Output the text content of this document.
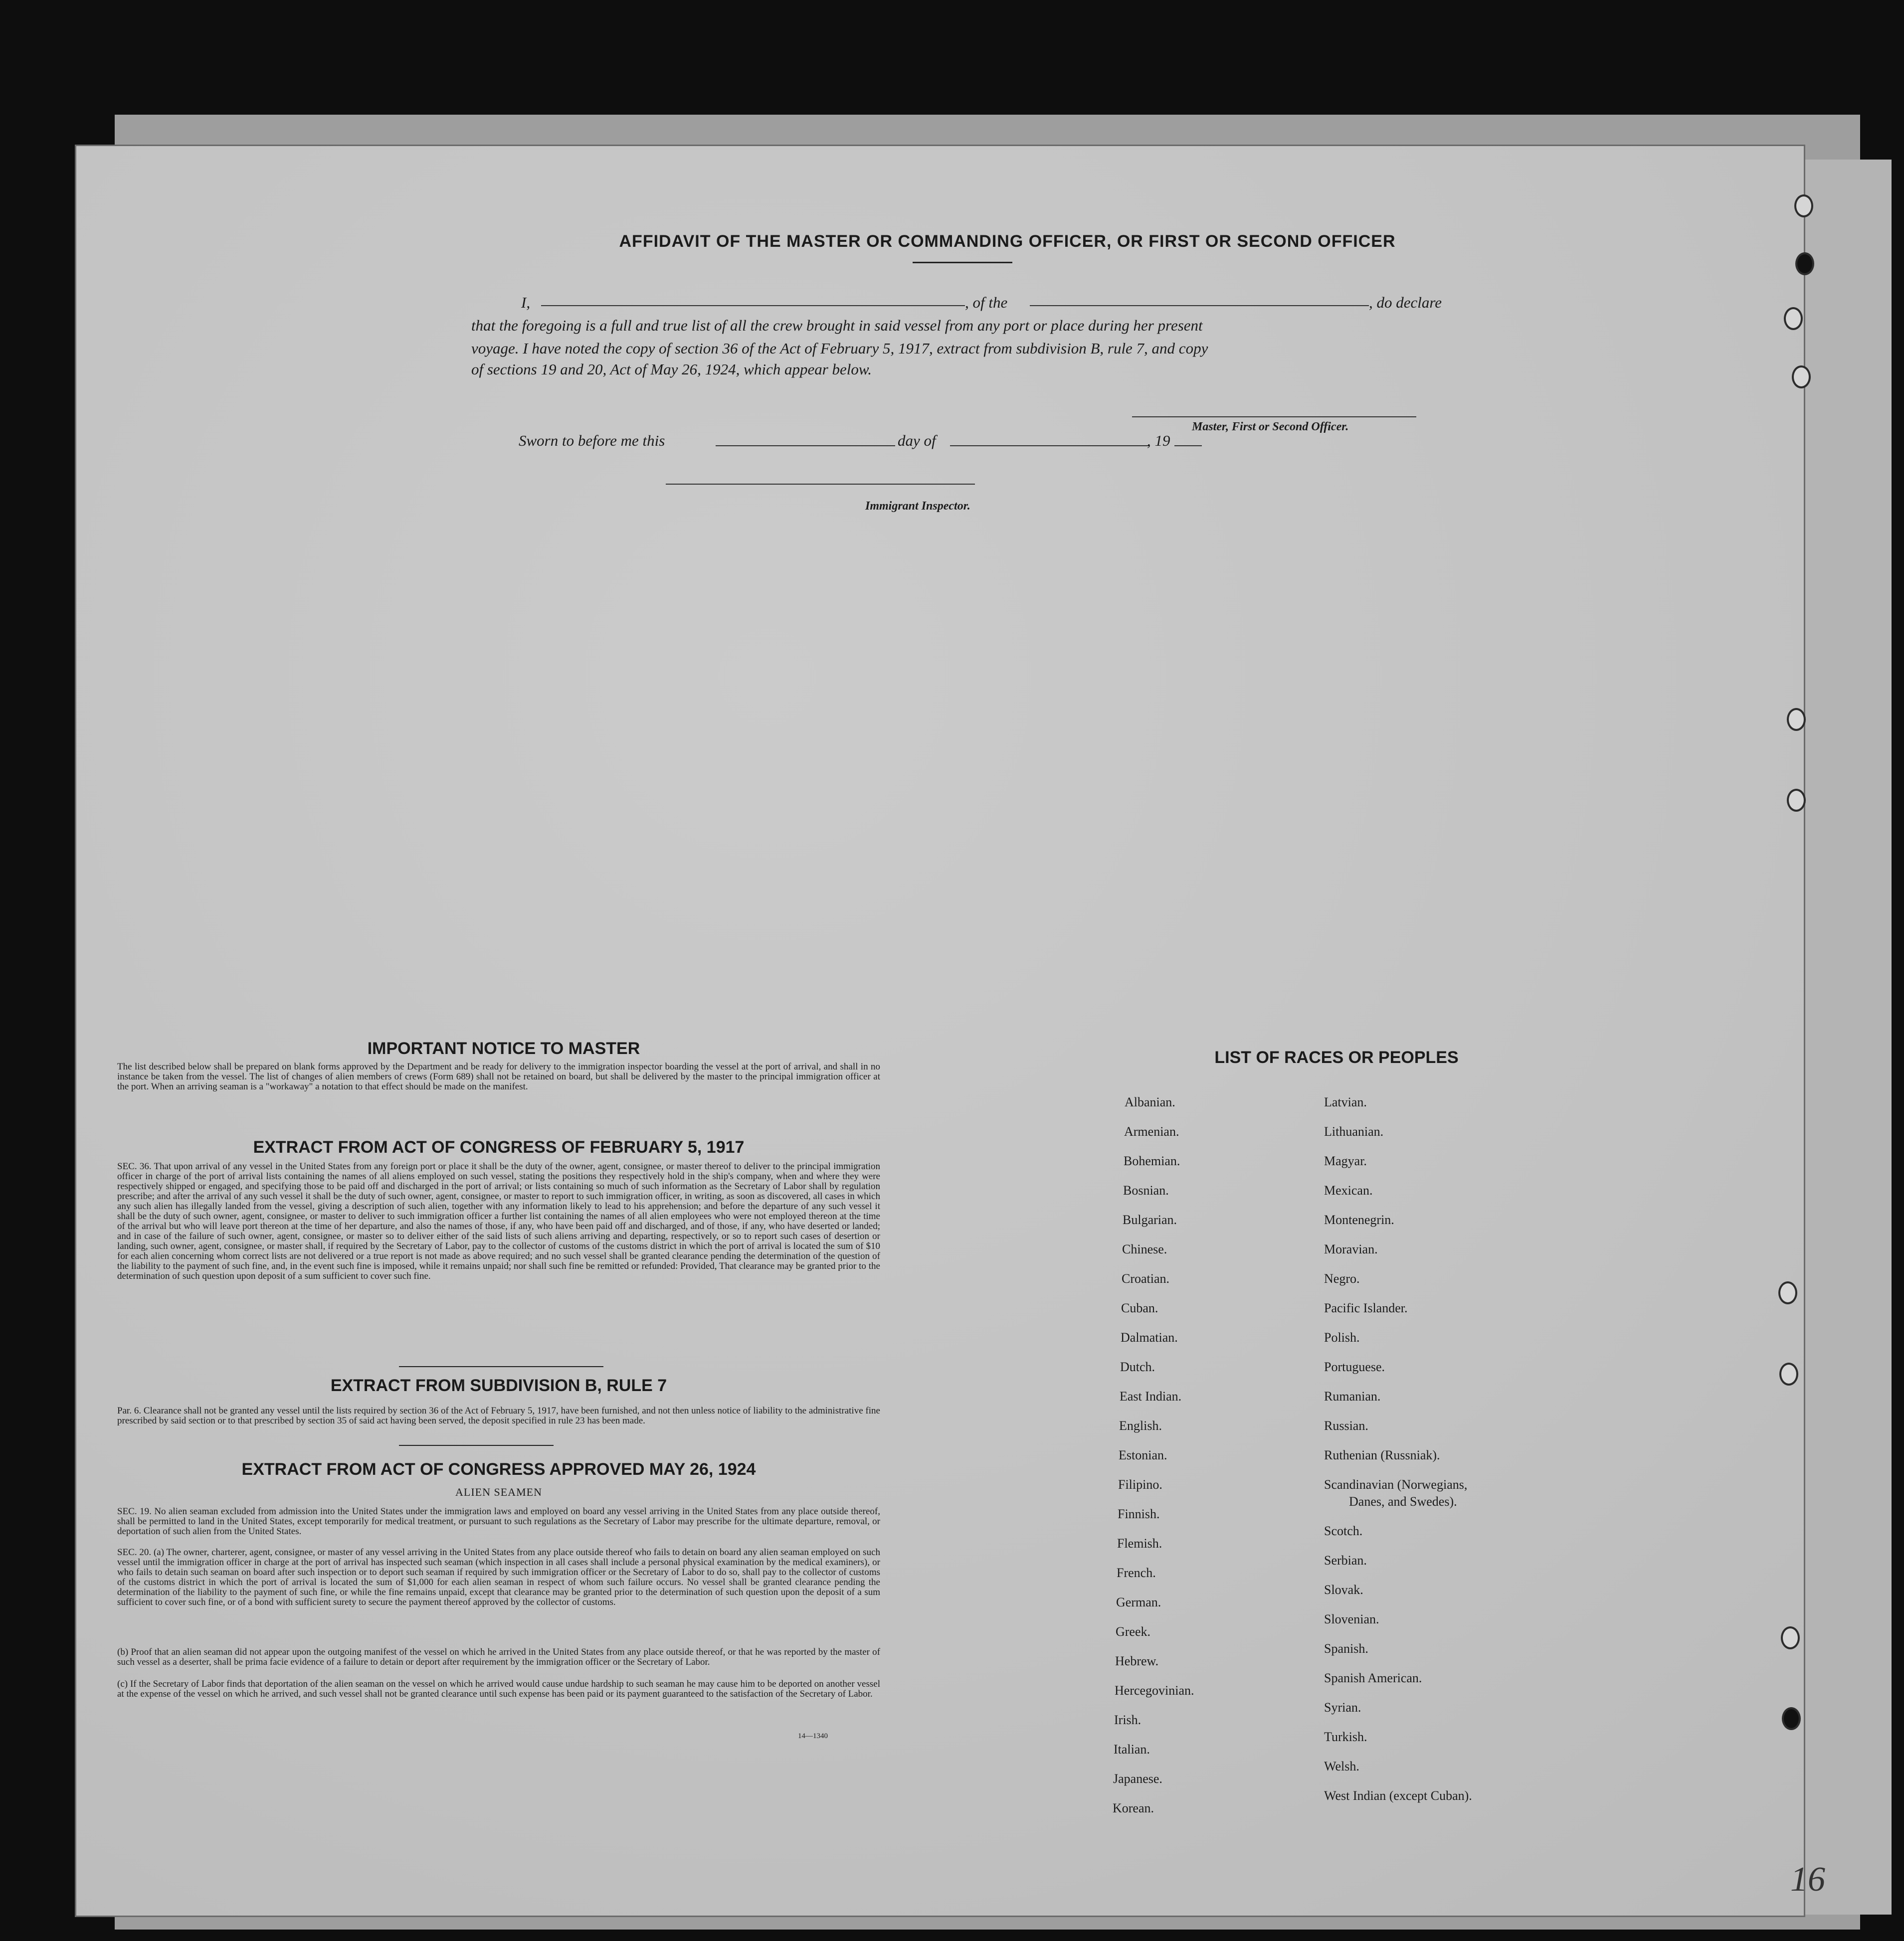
AFFIDAVIT OF THE MASTER OR COMMANDING OFFICER, OR FIRST OR SECOND OFFICER
I,	, of the	, do declare
that the foregoing is a full and true list of all the crew brought in said vessel from any port or place during her present
voyage. I have noted the copy of section 36 of the Act of February 5, 1917, extract from subdivision B, rule 7, and copy
of sections 19 and 20, Act of May 26, 1924, which appear below.
Master, First or Second Officer.
Sworn to before me this	day of	, 19
Immigrant Inspector.
IMPORTANT NOTICE TO MASTER
The list described below shall be prepared on blank forms approved by the Department and be ready for delivery to the immigration inspector boarding the vessel at the port of arrival, and shall in no instance be taken from the vessel. The list of changes of alien members of crews (Form 689) shall not be retained on board, but shall be delivered by the master to the principal immigration officer at the port. When an arriving seaman is a "workaway" a notation to that effect should be made on the manifest.
EXTRACT FROM ACT OF CONGRESS OF FEBRUARY 5, 1917
SEC. 36. That upon arrival of any vessel in the United States from any foreign port or place it shall be the duty of the owner, agent, consignee, or master thereof to deliver to the principal immigration officer in charge of the port of arrival lists containing the names of all aliens employed on such vessel, stating the positions they respectively hold in the ship's company, when and where they were respectively shipped or engaged, and specifying those to be paid off and discharged in the port of arrival; or lists containing so much of such information as the Secretary of Labor shall by regulation prescribe; and after the arrival of any such vessel it shall be the duty of such owner, agent, consignee, or master to report to such immigration officer, in writing, as soon as discovered, all cases in which any such alien has illegally landed from the vessel, giving a description of such alien, together with any information likely to lead to his apprehension; and before the departure of any such vessel it shall be the duty of such owner, agent, consignee, or master to deliver to such immigration officer a further list containing the names of all alien employees who were not employed thereon at the time of the arrival but who will leave port thereon at the time of her departure, and also the names of those, if any, who have been paid off and discharged, and of those, if any, who have deserted or landed; and in case of the failure of such owner, agent, consignee, or master so to deliver either of the said lists of such aliens arriving and departing, respectively, or so to report such cases of desertion or landing, such owner, agent, consignee, or master shall, if required by the Secretary of Labor, pay to the collector of customs of the customs district in which the port of arrival is located the sum of $10 for each alien concerning whom correct lists are not delivered or a true report is not made as above required; and no such vessel shall be granted clearance pending the determination of the question of the liability to the payment of such fine, and, in the event such fine is imposed, while it remains unpaid; nor shall such fine be remitted or refunded: Provided, That clearance may be granted prior to the determination of such question upon deposit of a sum sufficient to cover such fine.
EXTRACT FROM SUBDIVISION B, RULE 7
Par. 6. Clearance shall not be granted any vessel until the lists required by section 36 of the Act of February 5, 1917, have been furnished, and not then unless notice of liability to the administrative fine prescribed by said section or to that prescribed by section 35 of said act having been served, the deposit specified in rule 23 has been made.
EXTRACT FROM ACT OF CONGRESS APPROVED MAY 26, 1924
ALIEN SEAMEN
SEC. 19. No alien seaman excluded from admission into the United States under the immigration laws and employed on board any vessel arriving in the United States from any place outside thereof, shall be permitted to land in the United States, except temporarily for medical treatment, or pursuant to such regulations as the Secretary of Labor may prescribe for the ultimate departure, removal, or deportation of such alien from the United States.
SEC. 20. (a) The owner, charterer, agent, consignee, or master of any vessel arriving in the United States from any place outside thereof who fails to detain on board any alien seaman employed on such vessel until the immigration officer in charge at the port of arrival has inspected such seaman (which inspection in all cases shall include a personal physical examination by the medical examiners), or who fails to detain such seaman on board after such inspection or to deport such seaman if required by such immigration officer or the Secretary of Labor to do so, shall pay to the collector of customs of the customs district in which the port of arrival is located the sum of $1,000 for each alien seaman in respect of whom such failure occurs. No vessel shall be granted clearance pending the determination of the liability to the payment of such fine, or while the fine remains unpaid, except that clearance may be granted prior to the determination of such question upon the deposit of a sum sufficient to cover such fine, or of a bond with sufficient surety to secure the payment thereof approved by the collector of customs.
(b) Proof that an alien seaman did not appear upon the outgoing manifest of the vessel on which he arrived in the United States from any place outside thereof, or that he was reported by the master of such vessel as a deserter, shall be prima facie evidence of a failure to detain or deport after requirement by the immigration officer or the Secretary of Labor.
(c) If the Secretary of Labor finds that deportation of the alien seaman on the vessel on which he arrived would cause undue hardship to such seaman he may cause him to be deported on another vessel at the expense of the vessel on which he arrived, and such vessel shall not be granted clearance until such expense has been paid or its payment guaranteed to the satisfaction of the Secretary of Labor.
14—1340
LIST OF RACES OR PEOPLES
Albanian.
Armenian.
Bohemian.
Bosnian.
Bulgarian.
Chinese.
Croatian.
Cuban.
Dalmatian.
Dutch.
East Indian.
English.
Estonian.
Filipino.
Finnish.
Flemish.
French.
German.
Greek.
Hebrew.
Hercegovinian.
Irish.
Italian.
Japanese.
Korean.
Latvian.
Lithuanian.
Magyar.
Mexican.
Montenegrin.
Moravian.
Negro.
Pacific Islander.
Polish.
Portuguese.
Rumanian.
Russian.
Ruthenian (Russniak).
Scandinavian (Norwegians,
Danes, and Swedes).
Scotch.
Serbian.
Slovak.
Slovenian.
Spanish.
Spanish American.
Syrian.
Turkish.
Welsh.
West Indian (except Cuban).
16
